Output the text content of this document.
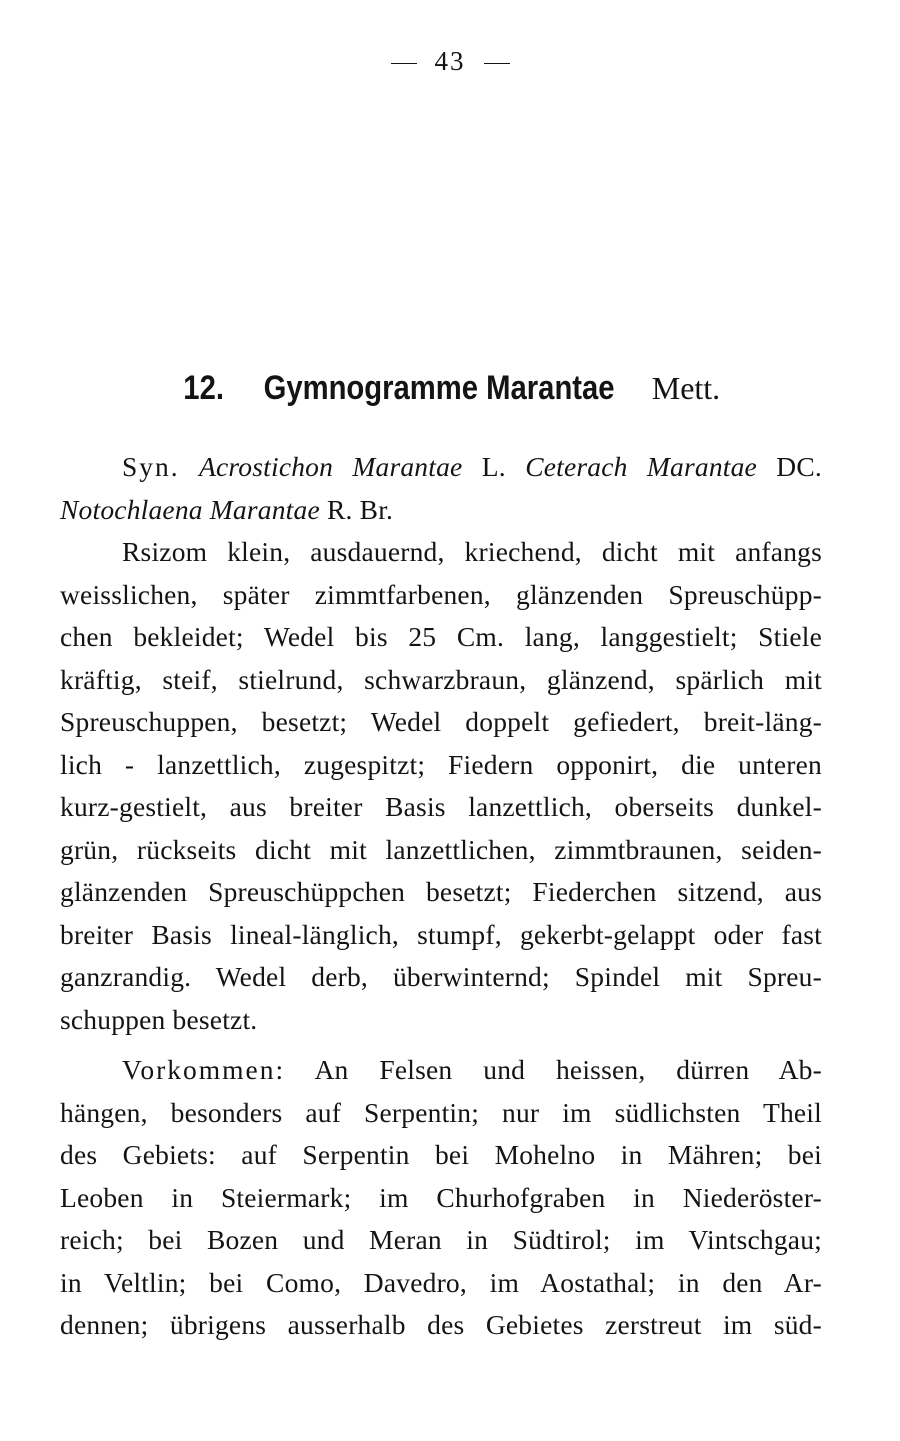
43
12. Gymnogramme Marantae Mett.
Syn. Acrostichon Marantae L. Ceterach Marantae DC.
Notochlaena Marantae R. Br.
Rsizom klein, ausdauernd, kriechend, dicht mit anfangs
weisslichen, später zimmtfarbenen, glänzenden Spreuschüpp-
chen bekleidet; Wedel bis 25 Cm. lang, langgestielt; Stiele
kräftig, steif, stielrund, schwarzbraun, glänzend, spärlich mit
Spreuschuppen, besetzt; Wedel doppelt gefiedert, breit-läng-
lich - lanzettlich, zugespitzt; Fiedern opponirt, die unteren
kurz-gestielt, aus breiter Basis lanzettlich, oberseits dunkel-
grün, rückseits dicht mit lanzettlichen, zimmtbraunen, seiden-
glänzenden Spreuschüppchen besetzt; Fiederchen sitzend, aus
breiter Basis lineal-länglich, stumpf, gekerbt-gelappt oder fast
ganzrandig. Wedel derb, überwinternd; Spindel mit Spreu-
schuppen besetzt.
Vorkommen: An Felsen und heissen, dürren Ab-
hängen, besonders auf Serpentin; nur im südlichsten Theil
des Gebiets: auf Serpentin bei Mohelno in Mähren; bei
Leoben in Steiermark; im Churhofgraben in Niederöster-
reich; bei Bozen und Meran in Südtirol; im Vintschgau;
in Veltlin; bei Como, Davedro, im Aostathal; in den Ar-
dennen; übrigens ausserhalb des Gebietes zerstreut im süd-
